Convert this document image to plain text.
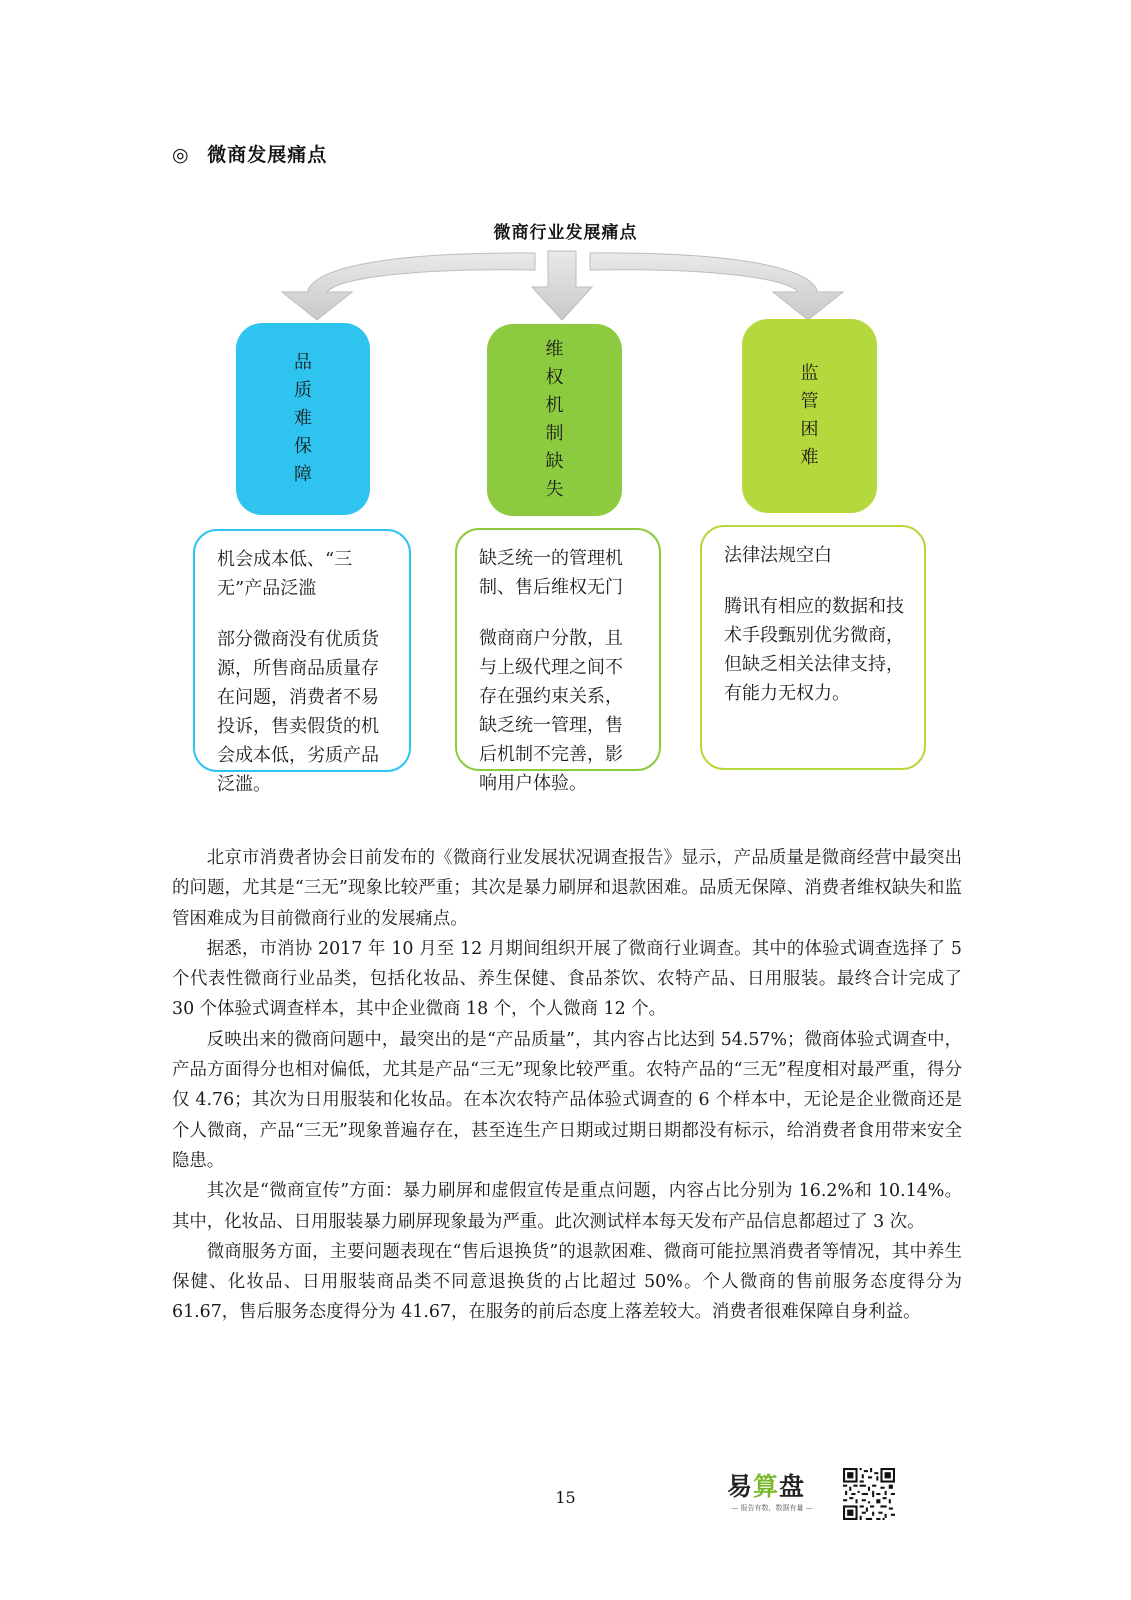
◎ 微商发展痛点
微商行业发展痛点
品
质
难
保
障
维
权
机
制
缺
失
监
管
困
难

机会成本低、“三无”产品泛滥

部分微商没有优质货源，所售商品质量存在问题，消费者不易投诉，售卖假货的机会成本低，劣质产品泛滥。

缺乏统一的管理机制、售后维权无门

微商商户分散，且与上级代理之间不存在强约束关系，缺乏统一管理，售后机制不完善，影响用户体验。

法律法规空白

腾讯有相应的数据和技术手段甄别优劣微商，但缺乏相关法律支持，有能力无权力。

北京市消费者协会日前发布的《微商行业发展状况调查报告》显示，产品质量是微商经营中最突出的问题，尤其是“三无”现象比较严重；其次是暴力刷屏和退款困难。品质无保障、消费者维权缺失和监管困难成为目前微商行业的发展痛点。

据悉，市消协 2017 年 10 月至 12 月期间组织开展了微商行业调查。其中的体验式调查选择了 5 个代表性微商行业品类，包括化妆品、养生保健、食品茶饮、农特产品、日用服装。最终合计完成了 30 个体验式调查样本，其中企业微商 18 个，个人微商 12 个。

反映出来的微商问题中，最突出的是“产品质量”，其内容占比达到 54.57%；微商体验式调查中，产品方面得分也相对偏低，尤其是产品“三无”现象比较严重。农特产品的“三无”程度相对最严重，得分仅 4.76；其次为日用服装和化妆品。在本次农特产品体验式调查的 6 个样本中，无论是企业微商还是个人微商，产品“三无”现象普遍存在，甚至连生产日期或过期日期都没有标示，给消费者食用带来安全隐患。

其次是“微商宣传”方面：暴力刷屏和虚假宣传是重点问题，内容占比分别为 16.2%和 10.14%。其中，化妆品、日用服装暴力刷屏现象最为严重。此次测试样本每天发布产品信息都超过了 3 次。

微商服务方面，主要问题表现在“售后退换货”的退款困难、微商可能拉黑消费者等情况，其中养生保健、化妆品、日用服装商品类不同意退换货的占比超过 50%。个人微商的售前服务态度得分为 61.67，售后服务态度得分为 41.67，在服务的前后态度上落差较大。消费者很难保障自身利益。

15	易算盘
— 报告有数，数据有量 —
